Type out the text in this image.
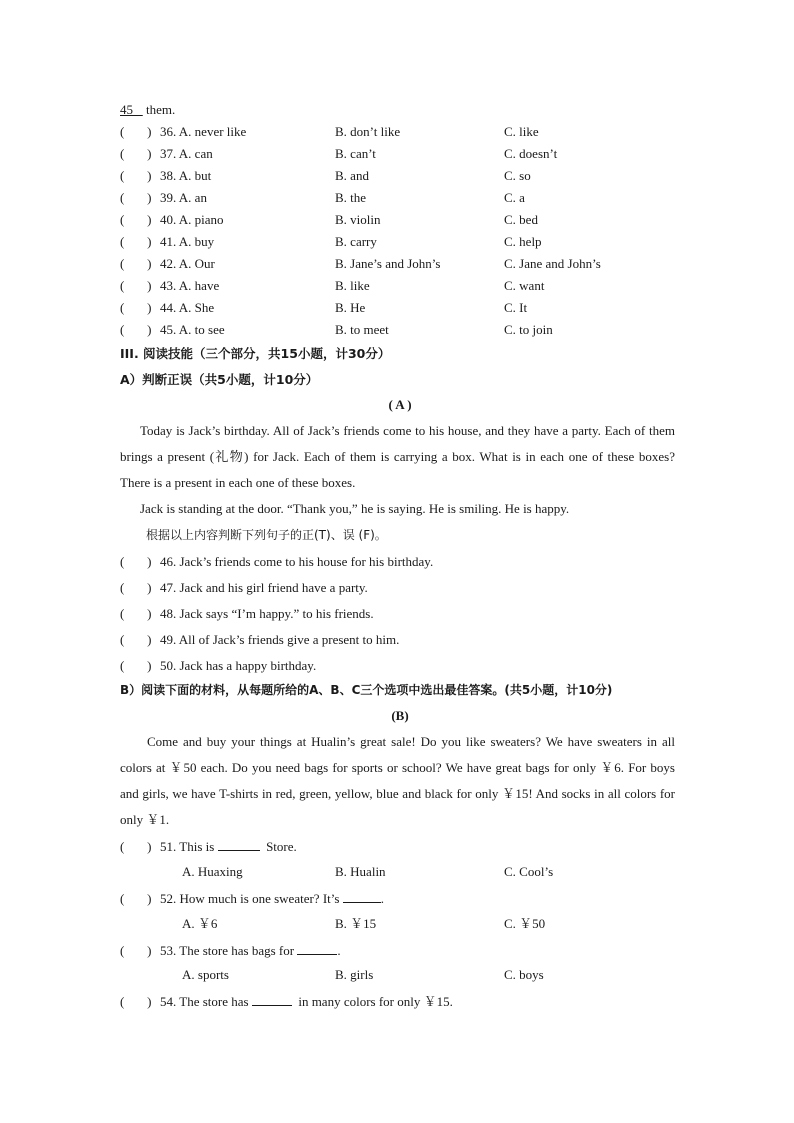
45    them.
( ) 36. A. never like	B. don’t like	C. like
( ) 37. A. can	B. can’t	C. doesn’t
( ) 38. A. but	B. and	C. so
( ) 39. A. an	B. the	C. a
( ) 40. A. piano	B. violin	C. bed
( ) 41. A. buy	B. carry	C. help
( ) 42. A. Our	B. Jane’s and John’s	C. Jane and John’s
( ) 43. A. have	B. like	C. want
( ) 44. A. She	B. He	C. It
( ) 45. A. to see	B. to meet	C. to join
III. 阅读技能（三个部分，共15小题，计30分）
A）判断正误（共5小题，计10分）
( A )
Today is Jack’s birthday. All of Jack’s friends come to his house, and they have a party. Each of them brings a present (礼物) for Jack. Each of them is carrying a box. What is in each one of these boxes? There is a present in each one of these boxes.
Jack is standing at the door. “Thank you,” he is saying. He is smiling. He is happy.
根据以上内容判断下列句子的正(T)、误 (F)。
( ) 46. Jack’s friends come to his house for his birthday.
( ) 47. Jack and his girl friend have a party.
( ) 48. Jack says “I’m happy.” to his friends.
( ) 49. All of Jack’s friends give a present to him.
( ) 50. Jack has a happy birthday.
B）阅读下面的材料，从每题所给的A、B、C三个选项中选出最佳答案。(共5小题，计10分)
(B)
Come and buy your things at Hualin’s great sale! Do you like sweaters? We have sweaters in all colors at ￥50 each. Do you need bags for sports or school? We have great bags for only ￥6. For boys and girls, we have T-shirts in red, green, yellow, blue and black for only ￥15! And socks in all colors for only ￥1.
( ) 51. This is	Store.
A. Huaxing	B. Hualin	C. Cool’s
( ) 52. How much is one sweater? It’s	.
A. ￥6	B. ￥15	C. ￥50
( ) 53. The store has bags for	.
A. sports	B. girls	C. boys
( ) 54. The store has	in many colors for only ￥15.
